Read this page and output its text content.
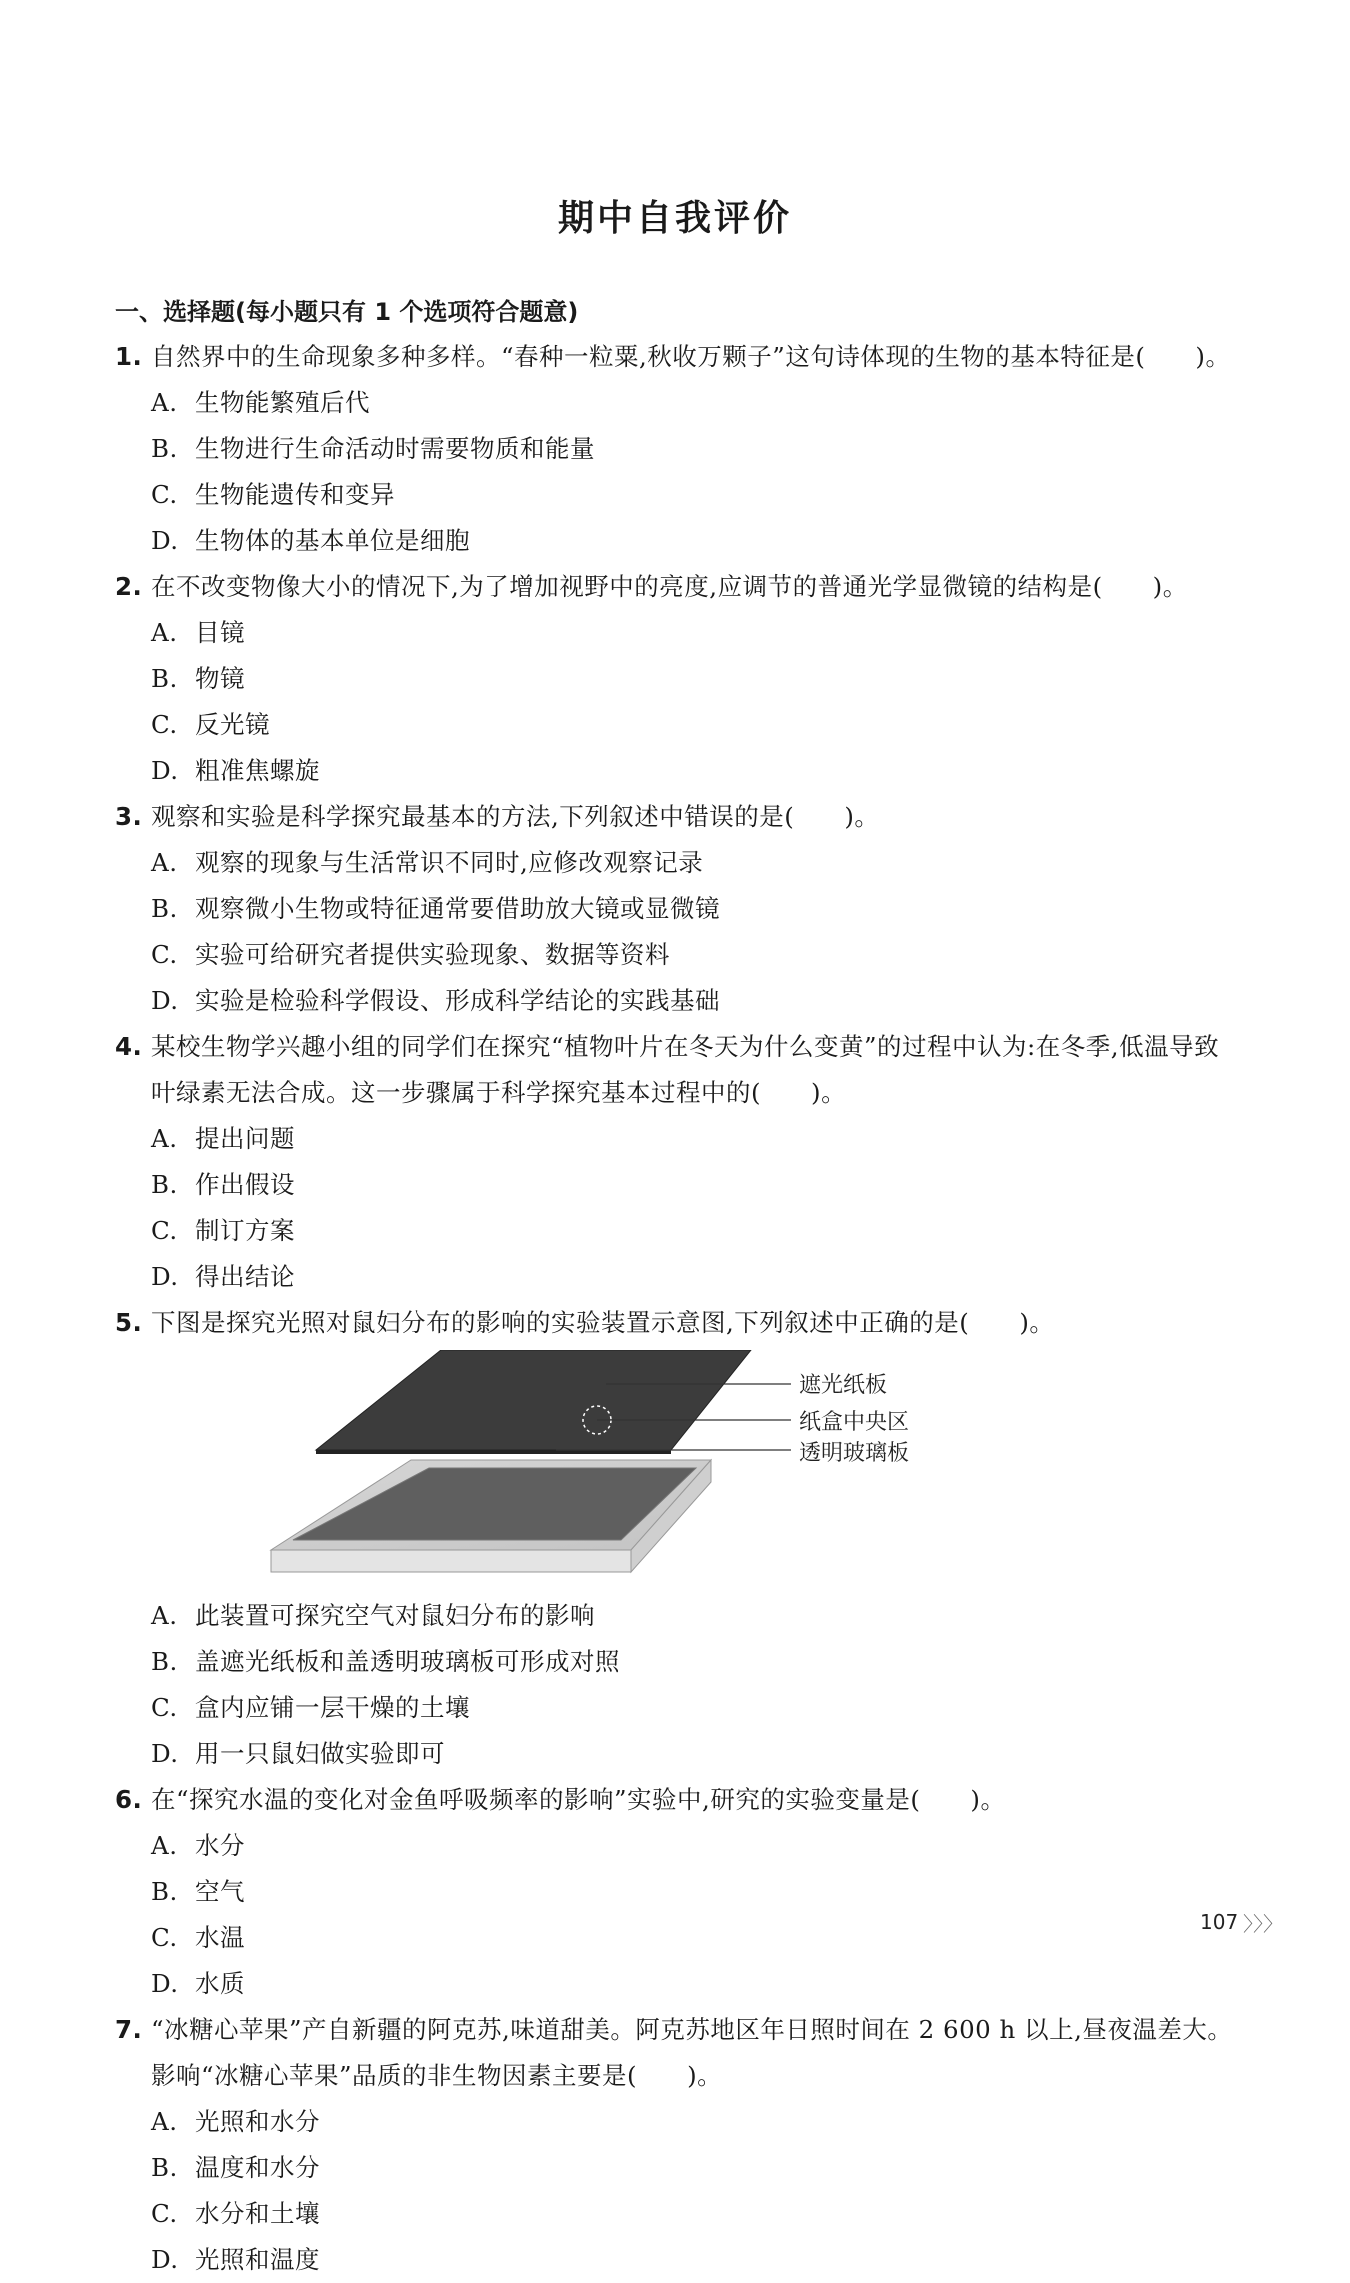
期中自我评价
一、选择题(每小题只有 1 个选项符合题意)
1. 自然界中的生命现象多种多样。“春种一粒粟,秋收万颗子”这句诗体现的生物的基本特征是(　　)。
A. 生物能繁殖后代
B. 生物进行生命活动时需要物质和能量
C. 生物能遗传和变异
D. 生物体的基本单位是细胞
2. 在不改变物像大小的情况下,为了增加视野中的亮度,应调节的普通光学显微镜的结构是(　　)。
A. 目镜
B. 物镜
C. 反光镜
D. 粗准焦螺旋
3. 观察和实验是科学探究最基本的方法,下列叙述中错误的是(　　)。
A. 观察的现象与生活常识不同时,应修改观察记录
B. 观察微小生物或特征通常要借助放大镜或显微镜
C. 实验可给研究者提供实验现象、数据等资料
D. 实验是检验科学假设、形成科学结论的实践基础
4. 某校生物学兴趣小组的同学们在探究“植物叶片在冬天为什么变黄”的过程中认为:在冬季,低温导致叶绿素无法合成。这一步骤属于科学探究基本过程中的(　　)。
A. 提出问题
B. 作出假设
C. 制订方案
D. 得出结论
5. 下图是探究光照对鼠妇分布的影响的实验装置示意图,下列叙述中正确的是(　　)。
遮光纸板
纸盒中央区
透明玻璃板
A. 此装置可探究空气对鼠妇分布的影响
B. 盖遮光纸板和盖透明玻璃板可形成对照
C. 盒内应铺一层干燥的土壤
D. 用一只鼠妇做实验即可
6. 在“探究水温的变化对金鱼呼吸频率的影响”实验中,研究的实验变量是(　　)。
A. 水分
B. 空气
C. 水温
D. 水质
7. “冰糖心苹果”产自新疆的阿克苏,味道甜美。阿克苏地区年日照时间在 2 600 h 以上,昼夜温差大。影响“冰糖心苹果”品质的非生物因素主要是(　　)。
A. 光照和水分
B. 温度和水分
C. 水分和土壤
D. 光照和温度
107 〉〉〉
